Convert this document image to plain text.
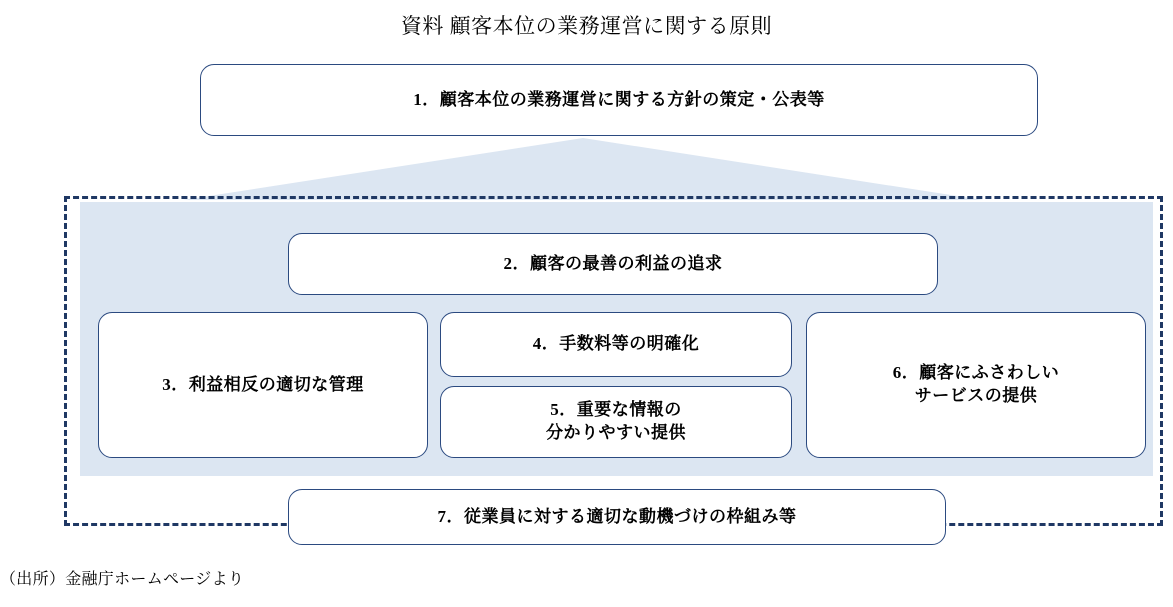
資料 顧客本位の業務運営に関する原則
1．顧客本位の業務運営に関する方針の策定・公表等
2．顧客の最善の利益の追求
3．利益相反の適切な管理
4．手数料等の明確化
5．重要な情報の
分かりやすい提供
6．顧客にふさわしい
サービスの提供
7．従業員に対する適切な動機づけの枠組み等
（出所）金融庁ホームページより
